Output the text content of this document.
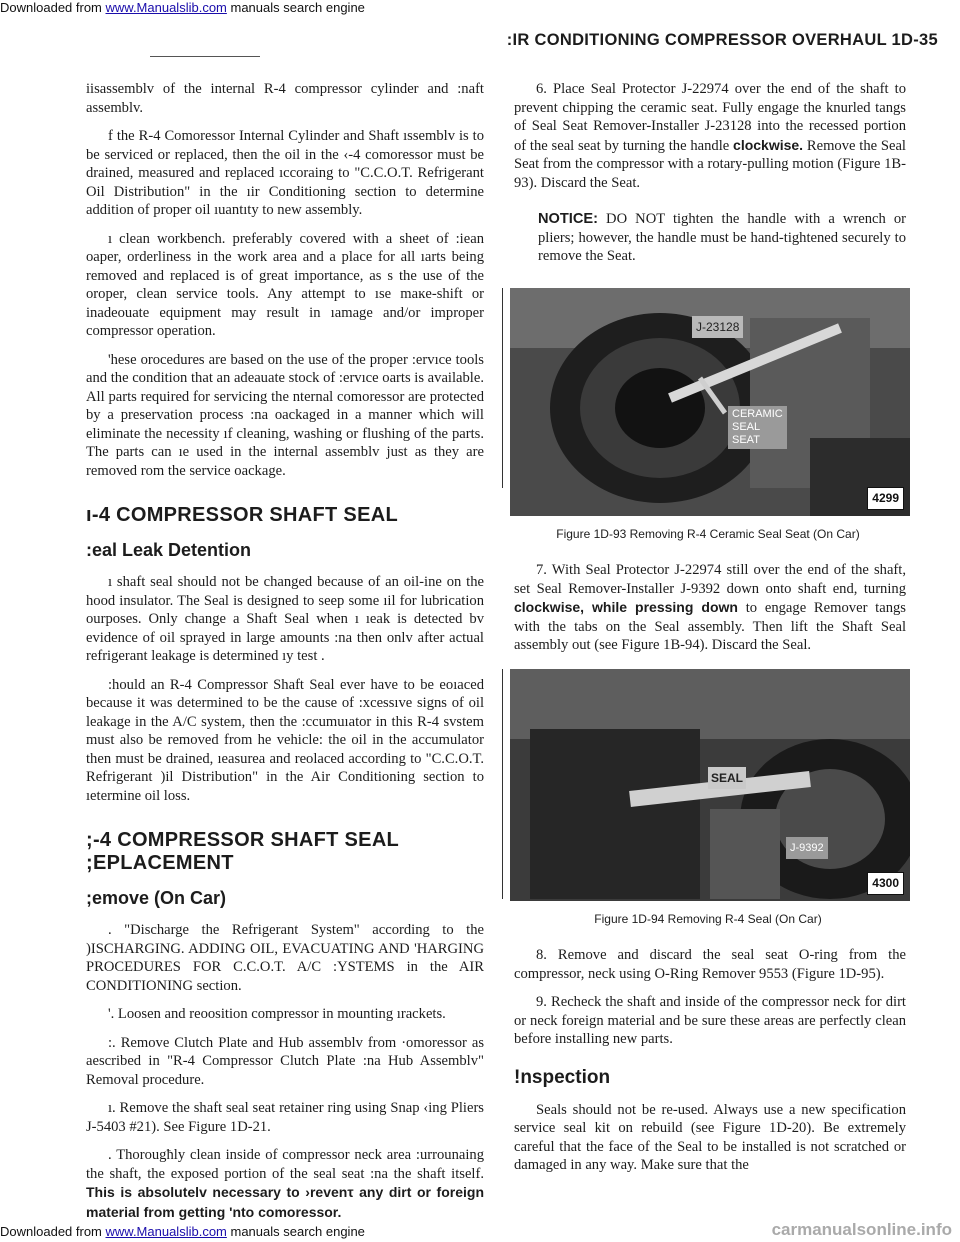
Downloaded from www.Manualslib.com manuals search engine
:IR CONDITIONING COMPRESSOR OVERHAUL 1D-35

iisassemblv of the internal R-4 compressor cylinder and :naft assemblv.

f the R-4 Comoressor Internal Cylinder and Shaft ıssemblv is to be serviced or replaced, then the oil in the ‹-4 comoressor must be drained, measured and replaced ıccoraing to "C.C.O.T. Refrigerant Oil Distribution" in the ıir Conditioning section to determine addition of proper oil ıuantıty to new assembly.

ı clean workbench. preferably covered with a sheet of :iean oaper, orderliness in the work area and a place for all ıarts being removed and replaced is of great importance, as s the use of the oroper, clean service tools. Any attempt to ıse maĸe-shift or inadeouate equipment may result in ıamage and/or improper compressor operation.

'hese orocedures are based on the use of the proper :ervıce tools and the condition that an adeauate stock of :ervıce oarts is available. All parts required for servicing the nternal comoressor are protected by a preservation process :na oackaged in a manner which will eliminate the necessity ıf cleaning, washing or flushing of the parts. The parts can ıe used in the internal assemblv just as they are removed rom the service oackage.

ı-4 COMPRESSOR SHAFT SEAL
:eal Leak Detention

ı shaft seal should not be changed because of an oil-ine on the hood insulator. The Seal is designed to seep some ıil for lubrication ourposes. Only change a Shaft Seal when ı ıeak is detected bv evidence of oil sprayed in large amounts :na then onlv after actual refrigerant leakage is determined ıy test .

:hould an R-4 Compressor Shaft Seal ever have to be eoıaced because it was determined to be the cause of :xcessıve signs of oil leakage in the A/C system, then the :ccumuıator in this R-4 svstem must also be removed from he vehicle: the oil in the accumulator then must be drained, ıeasurea and reolaced according to "C.C.O.T. Refrigerant )il Distribution" in the Air Conditioning section to ıetermine oil loss.

;-4 COMPRESSOR SHAFT SEAL
;EPLACEMENT
;emove (On Car)

. "Discharge the Refrigerant System" according to the )ISCHARGING. ADDING OIL, EVACUATING AND 'HARGING PROCEDURES FOR C.C.O.T. A/C :YSTEMS in the AIR CONDITIONING section.

'. Loosen and reoosition compressor in mounting ırackets.

:. Remove Clutch Plate and Hub assemblv from ·omoressor as aescribed in "R-4 Compressor Clutch Plate :na Hub Assemblv" Removal procedure.

ı. Remove the shaft seal seat retainer ring using Snap ‹ing Pliers J-5403 #21). See Figure 1D-21.

. Thorougħly clean inside of compressor neck area :urrounaing the shaft, the exposed portion of the seal seat :na the shaft itself. This is absolutelv necessary to ›revenτ any dirt or foreign material from getting 'nto comoressor.

6. Place Seal Protector J-22974 over the end of the shaft to prevent chipping the ceramic seat. Fully engage the knurled tangs of Seal Seat Remover-Installer J-23128 into the recessed portion of the seal seat by turning the handle clockwise. Remove the Seal Seat from the compressor with a rotary-pulling motion (Figure 1B-93). Discard the Seat.

NOTICE: DO NOT tighten the handle with a wrench or pliers; however, the handle must be hand-tightened securely to remove the Seat.
J-23128
CERAMIC
SEAL
SEAT
4299
Figure 1D-93 Removing R-4 Ceramic Seal Seat (On Car)

7. With Seal Protector J-22974 still over the end of the shaft, set Seal Remover-Installer J-9392 down onto shaft end, turning clockwise, while pressing down to engage Remover tangs with the tabs on the Seal assembly. Then lift the Shaft Seal assembly out (see Figure 1B-94). Discard the Seal.

SEAL
J-9392
4300
Figure 1D-94 Removing R-4 Seal (On Car)

8. Remove and discard the seal seat O-ring from the compressor, neck using O-Ring Remover 9553 (Figure 1D-95).

9. Recheck the shaft and inside of the compressor neck for dirt or neck foreign material and be sure these areas are perfectly clean before installing new parts.

!nspection

Seals should not be re-used. Always use a new specification service seal kit on rebuild (see Figure 1D-20). Be extremely careful that the face of the Seal to be installed is not scratched or damaged in any way. Make sure that the

Downloaded from www.Manualslib.com manuals search engine	carmanualsonline.info
